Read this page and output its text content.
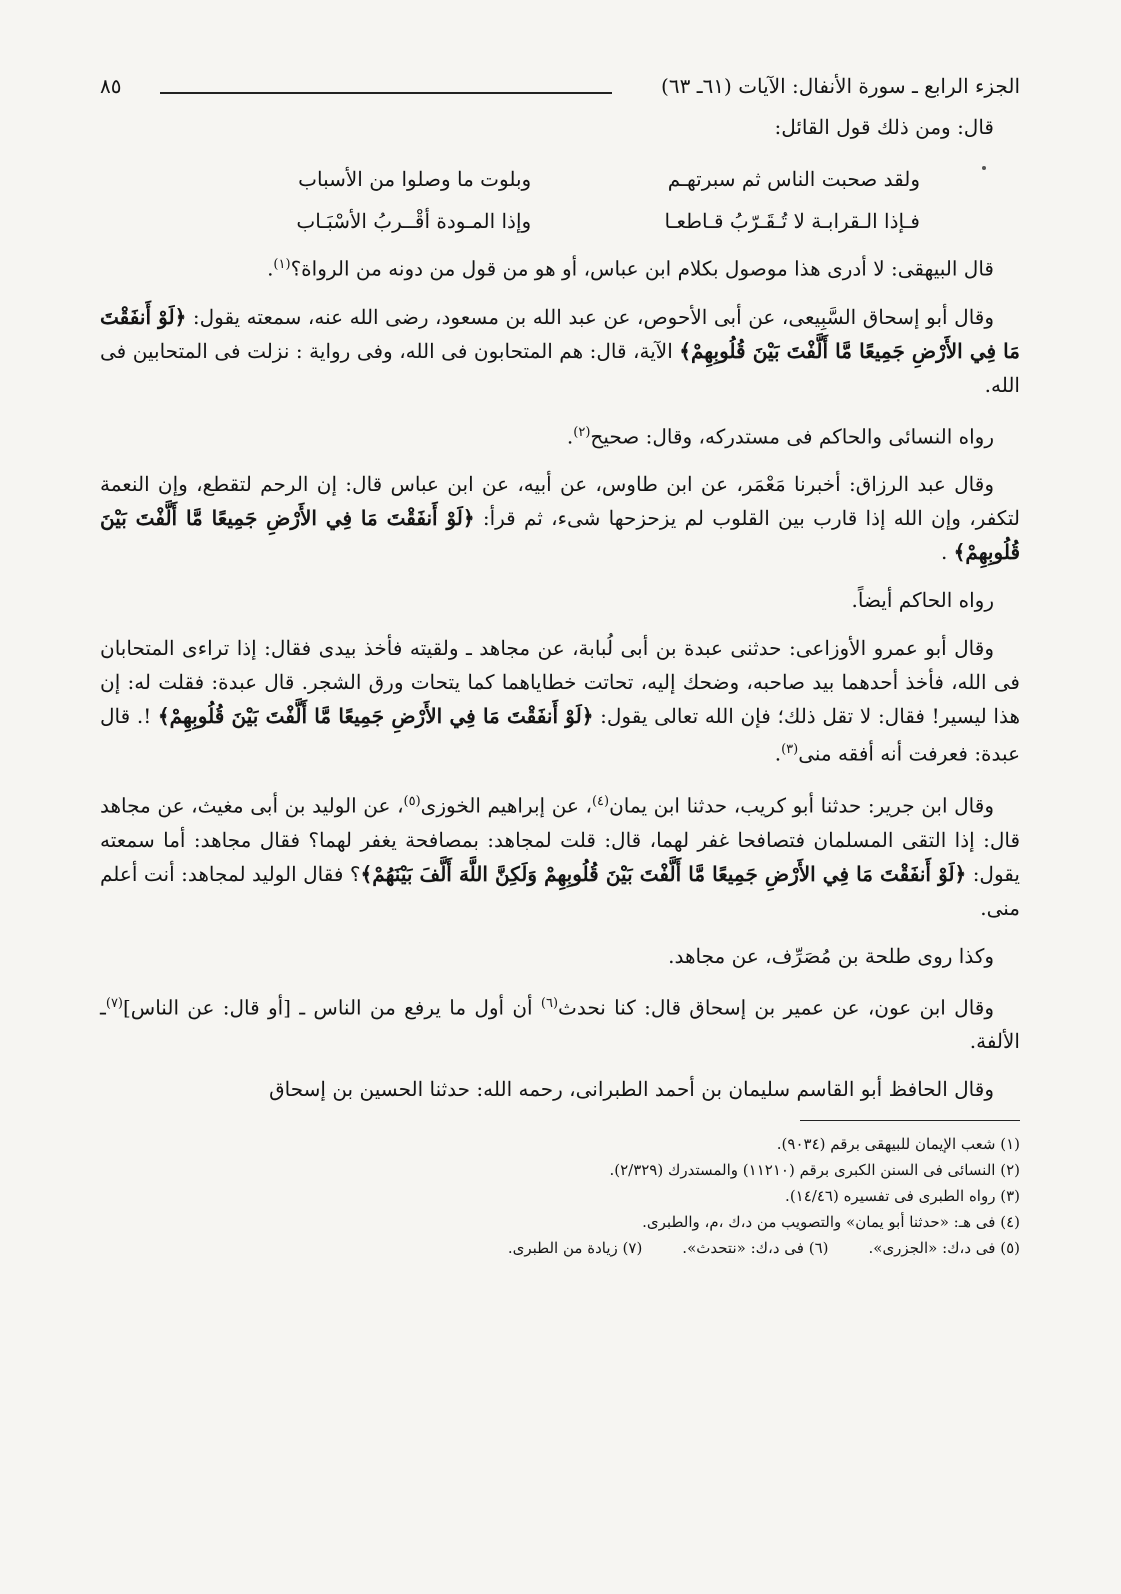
الجزء الرابع ـ سورة الأنفال: الآيات (٦١ـ ٦٣)
٨٥

قال: ومن ذلك قول القائل:

ولقد صحبت الناس ثم سبرتهـم
وبلوت ما وصلوا من الأسباب
فـإذا الـقرابـة لا تُـقَـرّبُ قـاطعـا
وإذا المـودة أقْــربُ الأسْبَـاب

قال البيهقى: لا أدرى هذا موصول بكلام ابن عباس، أو هو من قول من دونه من الرواة؟$^{(١)}$.

وقال أبو إسحاق السَّبِيعى، عن أبى الأحوص، عن عبد الله بن مسعود، رضى الله عنه، سمعته يقول: ﴿لَوْ أَنفَقْتَ مَا فِي الأَرْضِ جَمِيعًا مَّا أَلَّفْتَ بَيْنَ قُلُوبِهِمْ﴾ الآية، قال: هم المتحابون فى الله، وفى رواية : نزلت فى المتحابين فى الله.

رواه النسائى والحاكم فى مستدركه، وقال: صحيح$^{(٢)}$.

وقال عبد الرزاق: أخبرنا مَعْمَر، عن ابن طاوس، عن أبيه، عن ابن عباس قال: إن الرحم لتقطع، وإن النعمة لتكفر، وإن الله إذا قارب بين القلوب لم يزحزحها شىء، ثم قرأ: ﴿لَوْ أَنفَقْتَ مَا فِي الأَرْضِ جَمِيعًا مَّا أَلَّفْتَ بَيْنَ قُلُوبِهِمْ﴾ .

رواه الحاكم أيضاً.

وقال أبو عمرو الأوزاعى: حدثنى عبدة بن أبى لُبابة، عن مجاهد ـ ولقيته فأخذ بيدى فقال: إذا تراءى المتحابان فى الله، فأخذ أحدهما بيد صاحبه، وضحك إليه، تحاتت خطاياهما كما يتحات ورق الشجر. قال عبدة: فقلت له: إن هذا ليسير! فقال: لا تقل ذلك؛ فإن الله تعالى يقول: ﴿لَوْ أَنفَقْتَ مَا فِي الأَرْضِ جَمِيعًا مَّا أَلَّفْتَ بَيْنَ قُلُوبِهِمْ﴾ !. قال عبدة: فعرفت أنه أفقه منى$^{(٣)}$.

وقال ابن جرير: حدثنا أبو كريب، حدثنا ابن يمان$^{(٤)}$، عن إبراهيم الخوزى$^{(٥)}$، عن الوليد بن أبى مغيث، عن مجاهد قال: إذا التقى المسلمان فتصافحا غفر لهما، قال: قلت لمجاهد: بمصافحة يغفر لهما؟ فقال مجاهد: أما سمعته يقول: ﴿لَوْ أَنفَقْتَ مَا فِي الأَرْضِ جَمِيعًا مَّا أَلَّفْتَ بَيْنَ قُلُوبِهِمْ وَلَكِنَّ اللَّهَ أَلَّفَ بَيْنَهُمْ﴾؟ فقال الوليد لمجاهد: أنت أعلم منى.

وكذا روى طلحة بن مُصَرِّف، عن مجاهد.

وقال ابن عون، عن عمير بن إسحاق قال: كنا نحدث$^{(٦)}$ أن أول ما يرفع من الناس ـ [أو قال: عن الناس]$^{(٧)}$ـ الألفة.

وقال الحافظ أبو القاسم سليمان بن أحمد الطبرانى، رحمه الله: حدثنا الحسين بن إسحاق

(١) شعب الإيمان للبيهقى برقم (٩٠٣٤).
(٢) النسائى فى السنن الكبرى برقم (١١٢١٠) والمستدرك (٢/٣٢٩).
(٣) رواه الطبرى فى تفسيره (١٤/٤٦).
(٤) فى هـ: «حدثنا أبو يمان» والتصويب من د،ك ،م، والطبرى.
(٥) فى د،ك: «الجزرى».
(٦) فى د،ك: «نتحدث».
(٧) زيادة من الطبرى.
